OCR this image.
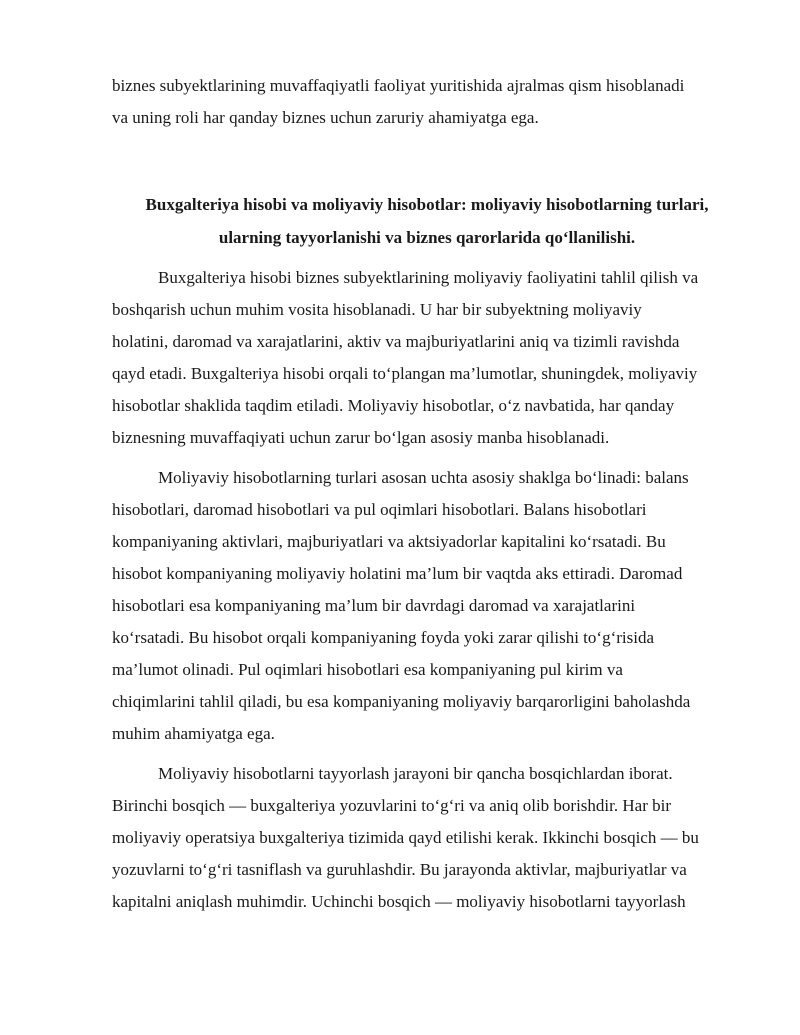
biznes subyektlarining muvaffaqiyatli faoliyat yuritishida ajralmas qism hisoblanadi
va uning roli har qanday biznes uchun zaruriy ahamiyatga ega.
Buxgalteriya hisobi va moliyaviy hisobotlar: moliyaviy hisobotlarning turlari,
ularning tayyorlanishi va biznes qarorlarida qo‘llanilishi.
Buxgalteriya hisobi biznes subyektlarining moliyaviy faoliyatini tahlil qilish va
boshqarish uchun muhim vosita hisoblanadi. U har bir subyektning moliyaviy
holatini, daromad va xarajatlarini, aktiv va majburiyatlarini aniq va tizimli ravishda
qayd etadi. Buxgalteriya hisobi orqali to‘plangan ma’lumotlar, shuningdek, moliyaviy
hisobotlar shaklida taqdim etiladi. Moliyaviy hisobotlar, o‘z navbatida, har qanday
biznesning muvaffaqiyati uchun zarur bo‘lgan asosiy manba hisoblanadi.
Moliyaviy hisobotlarning turlari asosan uchta asosiy shaklga bo‘linadi: balans
hisobotlari, daromad hisobotlari va pul oqimlari hisobotlari. Balans hisobotlari
kompaniyaning aktivlari, majburiyatlari va aktsiyadorlar kapitalini ko‘rsatadi. Bu
hisobot kompaniyaning moliyaviy holatini ma’lum bir vaqtda aks ettiradi. Daromad
hisobotlari esa kompaniyaning ma’lum bir davrdagi daromad va xarajatlarini
ko‘rsatadi. Bu hisobot orqali kompaniyaning foyda yoki zarar qilishi to‘g‘risida
ma’lumot olinadi. Pul oqimlari hisobotlari esa kompaniyaning pul kirim va
chiqimlarini tahlil qiladi, bu esa kompaniyaning moliyaviy barqarorligini baholashda
muhim ahamiyatga ega.
Moliyaviy hisobotlarni tayyorlash jarayoni bir qancha bosqichlardan iborat.
Birinchi bosqich — buxgalteriya yozuvlarini to‘g‘ri va aniq olib borishdir. Har bir
moliyaviy operatsiya buxgalteriya tizimida qayd etilishi kerak. Ikkinchi bosqich — bu
yozuvlarni to‘g‘ri tasniflash va guruhlashdir. Bu jarayonda aktivlar, majburiyatlar va
kapitalni aniqlash muhimdir. Uchinchi bosqich — moliyaviy hisobotlarni tayyorlash
